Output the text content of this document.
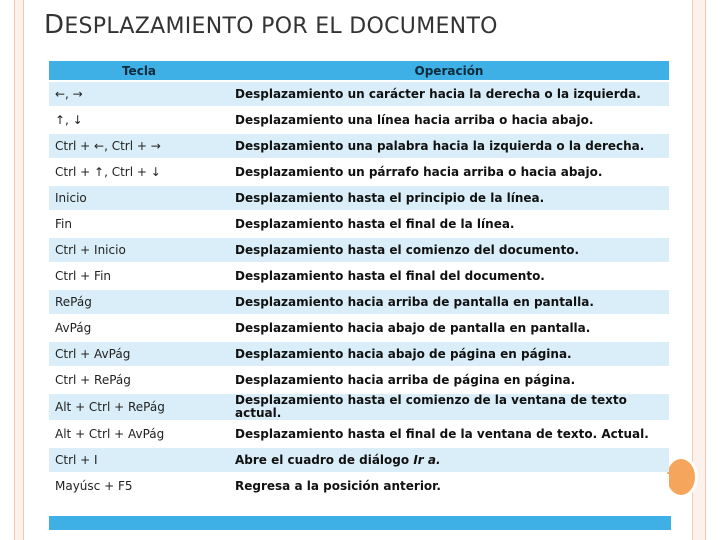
DESPLAZAMIENTO POR EL DOCUMENTO
Tecla	Operación
←, →	Desplazamiento un carácter hacia la derecha o la izquierda.
↑, ↓	Desplazamiento una línea hacia arriba o hacia abajo.
Ctrl + ←, Ctrl + →	Desplazamiento una palabra hacia la izquierda o la derecha.
Ctrl + ↑, Ctrl + ↓	Desplazamiento un párrafo hacia arriba o hacia abajo.
Inicio	Desplazamiento hasta el principio de la línea.
Fin	Desplazamiento hasta el final de la línea.
Ctrl + Inicio	Desplazamiento hasta el comienzo del documento.
Ctrl + Fin	Desplazamiento hasta el final del documento.
RePág	Desplazamiento hacia arriba de pantalla en pantalla.
AvPág	Desplazamiento hacia abajo de pantalla en pantalla.
Ctrl + AvPág	Desplazamiento hacia abajo de página en página.
Ctrl + RePág	Desplazamiento hacia arriba de página en página.
Alt + Ctrl + RePág	Desplazamiento hasta el comienzo de la ventana de texto actual.
Alt + Ctrl + AvPág	Desplazamiento hasta el final de la ventana de texto. Actual.
Ctrl + I	Abre el cuadro de diálogo Ir a.
Mayúsc + F5	Regresa a la posición anterior.
